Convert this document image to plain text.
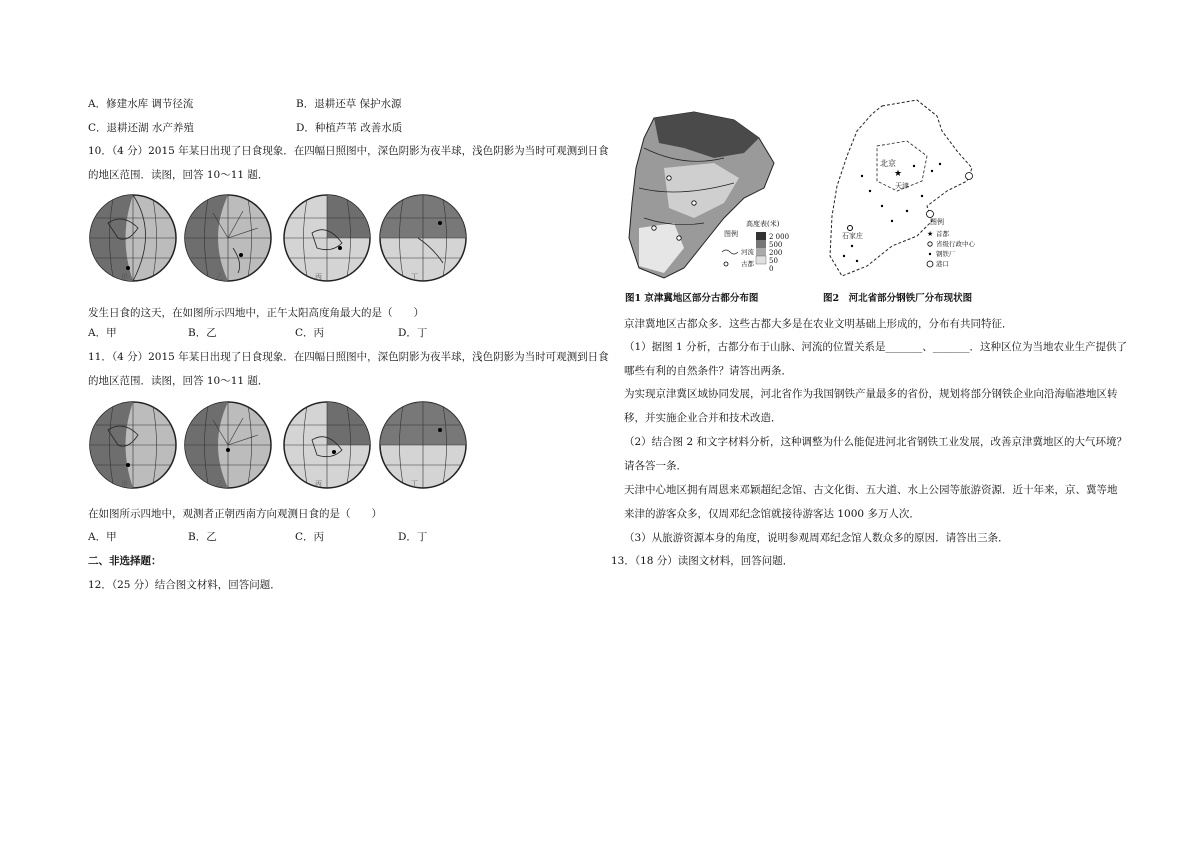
A．修建水库 调节径流	B．退耕还草 保护水源
C．退耕还湖 水产养殖	D．种植芦苇 改善水质
10．（4 分）2015 年某日出现了日食现象．在四幅日照图中，深色阴影为夜半球，浅色阴影为当时可观测到日食
的地区范围．读图，回答 10～11 题．
甲	乙	丙	丁
发生日食的这天，在如图所示四地中，正午太阳高度角最大的是（　　）
A．甲	B．乙	C．丙	D．丁
11．（4 分）2015 年某日出现了日食现象．在四幅日照图中，深色阴影为夜半球，浅色阴影为当时可观测到日食
的地区范围．读图，回答 10～11 题．
甲	乙	丙	丁
在如图所示四地中，观测者正朝西南方向观测日食的是（　　）
A．甲	B．乙	C．丙	D．丁
二、非选择题：
12．（25 分）结合图文材料，回答问题．
图例
河流
古都
高度表(米)
2 000
500
200
50
0
图1 京津冀地区部分古都分布图
北京
天津
石家庄
★
图例
★ 首都
省级行政中心
钢铁厂
港口
图2　河北省部分钢铁厂分布现状图
京津冀地区古都众多．这些古都大多是在农业文明基础上形成的，分布有共同特征．
（1）据图 1 分析，古都分布于山脉、河流的位置关系是_______、_______．这种区位为当地农业生产提供了
哪些有利的自然条件？请答出两条．
为实现京津冀区域协同发展，河北省作为我国钢铁产量最多的省份，规划将部分钢铁企业向沿海临港地区转
移，并实施企业合并和技术改造．
（2）结合图 2 和文字材料分析，这种调整为什么能促进河北省钢铁工业发展，改善京津冀地区的大气环境？
请各答一条．
天津中心地区拥有周恩来邓颖超纪念馆、古文化街、五大道、水上公园等旅游资源．近十年来，京、冀等地
来津的游客众多，仅周邓纪念馆就接待游客达 1000 多万人次．
（3）从旅游资源本身的角度，说明参观周邓纪念馆人数众多的原因．请答出三条．
13．（18 分）读图文材料，回答问题．
